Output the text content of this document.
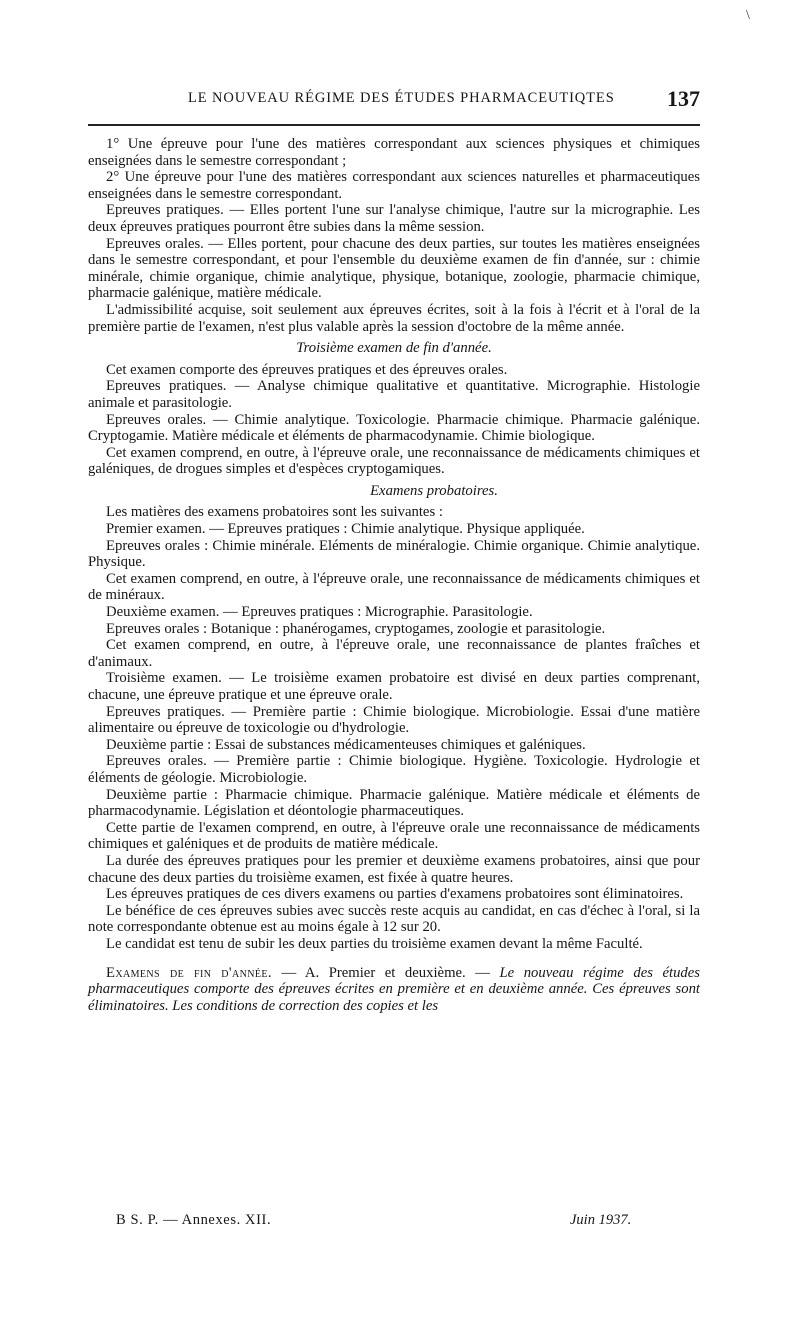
\
LE NOUVEAU RÉGIME DES ÉTUDES PHARMACEUTIQTES 137

1° Une épreuve pour l'une des matières correspondant aux sciences physiques et chimiques enseignées dans le semestre correspondant ;

2° Une épreuve pour l'une des matières correspondant aux sciences naturelles et pharmaceutiques enseignées dans le semestre correspondant.

Epreuves pratiques. — Elles portent l'une sur l'analyse chimique, l'autre sur la micrographie. Les deux épreuves pratiques pourront être subies dans la même session.

Epreuves orales. — Elles portent, pour chacune des deux parties, sur toutes les matières enseignées dans le semestre correspondant, et pour l'ensemble du deuxième examen de fin d'année, sur : chimie minérale, chimie organique, chimie analytique, physique, botanique, zoologie, pharmacie chimique, pharmacie galénique, matière médicale.

L'admissibilité acquise, soit seulement aux épreuves écrites, soit à la fois à l'écrit et à l'oral de la première partie de l'examen, n'est plus valable après la session d'octobre de la même année.

Troisième examen de fin d'année.

Cet examen comporte des épreuves pratiques et des épreuves orales.

Epreuves pratiques. — Analyse chimique qualitative et quantitative. Micrographie. Histologie animale et parasitologie.

Epreuves orales. — Chimie analytique. Toxicologie. Pharmacie chimique. Pharmacie galénique. Cryptogamie. Matière médicale et éléments de pharmacodynamie. Chimie biologique.

Cet examen comprend, en outre, à l'épreuve orale, une reconnaissance de médicaments chimiques et galéniques, de drogues simples et d'espèces cryptogamiques.

Examens probatoires.

Les matières des examens probatoires sont les suivantes :

Premier examen. — Epreuves pratiques : Chimie analytique. Physique appliquée.

Epreuves orales : Chimie minérale. Eléments de minéralogie. Chimie organique. Chimie analytique. Physique.

Cet examen comprend, en outre, à l'épreuve orale, une reconnaissance de médicaments chimiques et de minéraux.

Deuxième examen. — Epreuves pratiques : Micrographie. Parasitologie.

Epreuves orales : Botanique : phanérogames, cryptogames, zoologie et parasitologie.

Cet examen comprend, en outre, à l'épreuve orale, une reconnaissance de plantes fraîches et d'animaux.

Troisième examen. — Le troisième examen probatoire est divisé en deux parties comprenant, chacune, une épreuve pratique et une épreuve orale.

Epreuves pratiques. — Première partie : Chimie biologique. Microbiologie. Essai d'une matière alimentaire ou épreuve de toxicologie ou d'hydrologie.

Deuxième partie : Essai de substances médicamenteuses chimiques et galéniques.

Epreuves orales. — Première partie : Chimie biologique. Hygiène. Toxicologie. Hydrologie et éléments de géologie. Microbiologie.

Deuxième partie : Pharmacie chimique. Pharmacie galénique. Matière médicale et éléments de pharmacodynamie. Législation et déontologie pharmaceutiques.

Cette partie de l'examen comprend, en outre, à l'épreuve orale une reconnaissance de médicaments chimiques et galéniques et de produits de matière médicale.

La durée des épreuves pratiques pour les premier et deuxième examens probatoires, ainsi que pour chacune des deux parties du troisième examen, est fixée à quatre heures.

Les épreuves pratiques de ces divers examens ou parties d'examens probatoires sont éliminatoires.

Le bénéfice de ces épreuves subies avec succès reste acquis au candidat, en cas d'échec à l'oral, si la note correspondante obtenue est au moins égale à 12 sur 20.

Le candidat est tenu de subir les deux parties du troisième examen devant la même Faculté.

Examens de fin d'année. — A. Premier et deuxième. — Le nouveau régime des études pharmaceutiques comporte des épreuves écrites en première et en deuxième année. Ces épreuves sont éliminatoires. Les conditions de correction des copies et les

B S. P. — Annexes. XII.	Juin 1937.
